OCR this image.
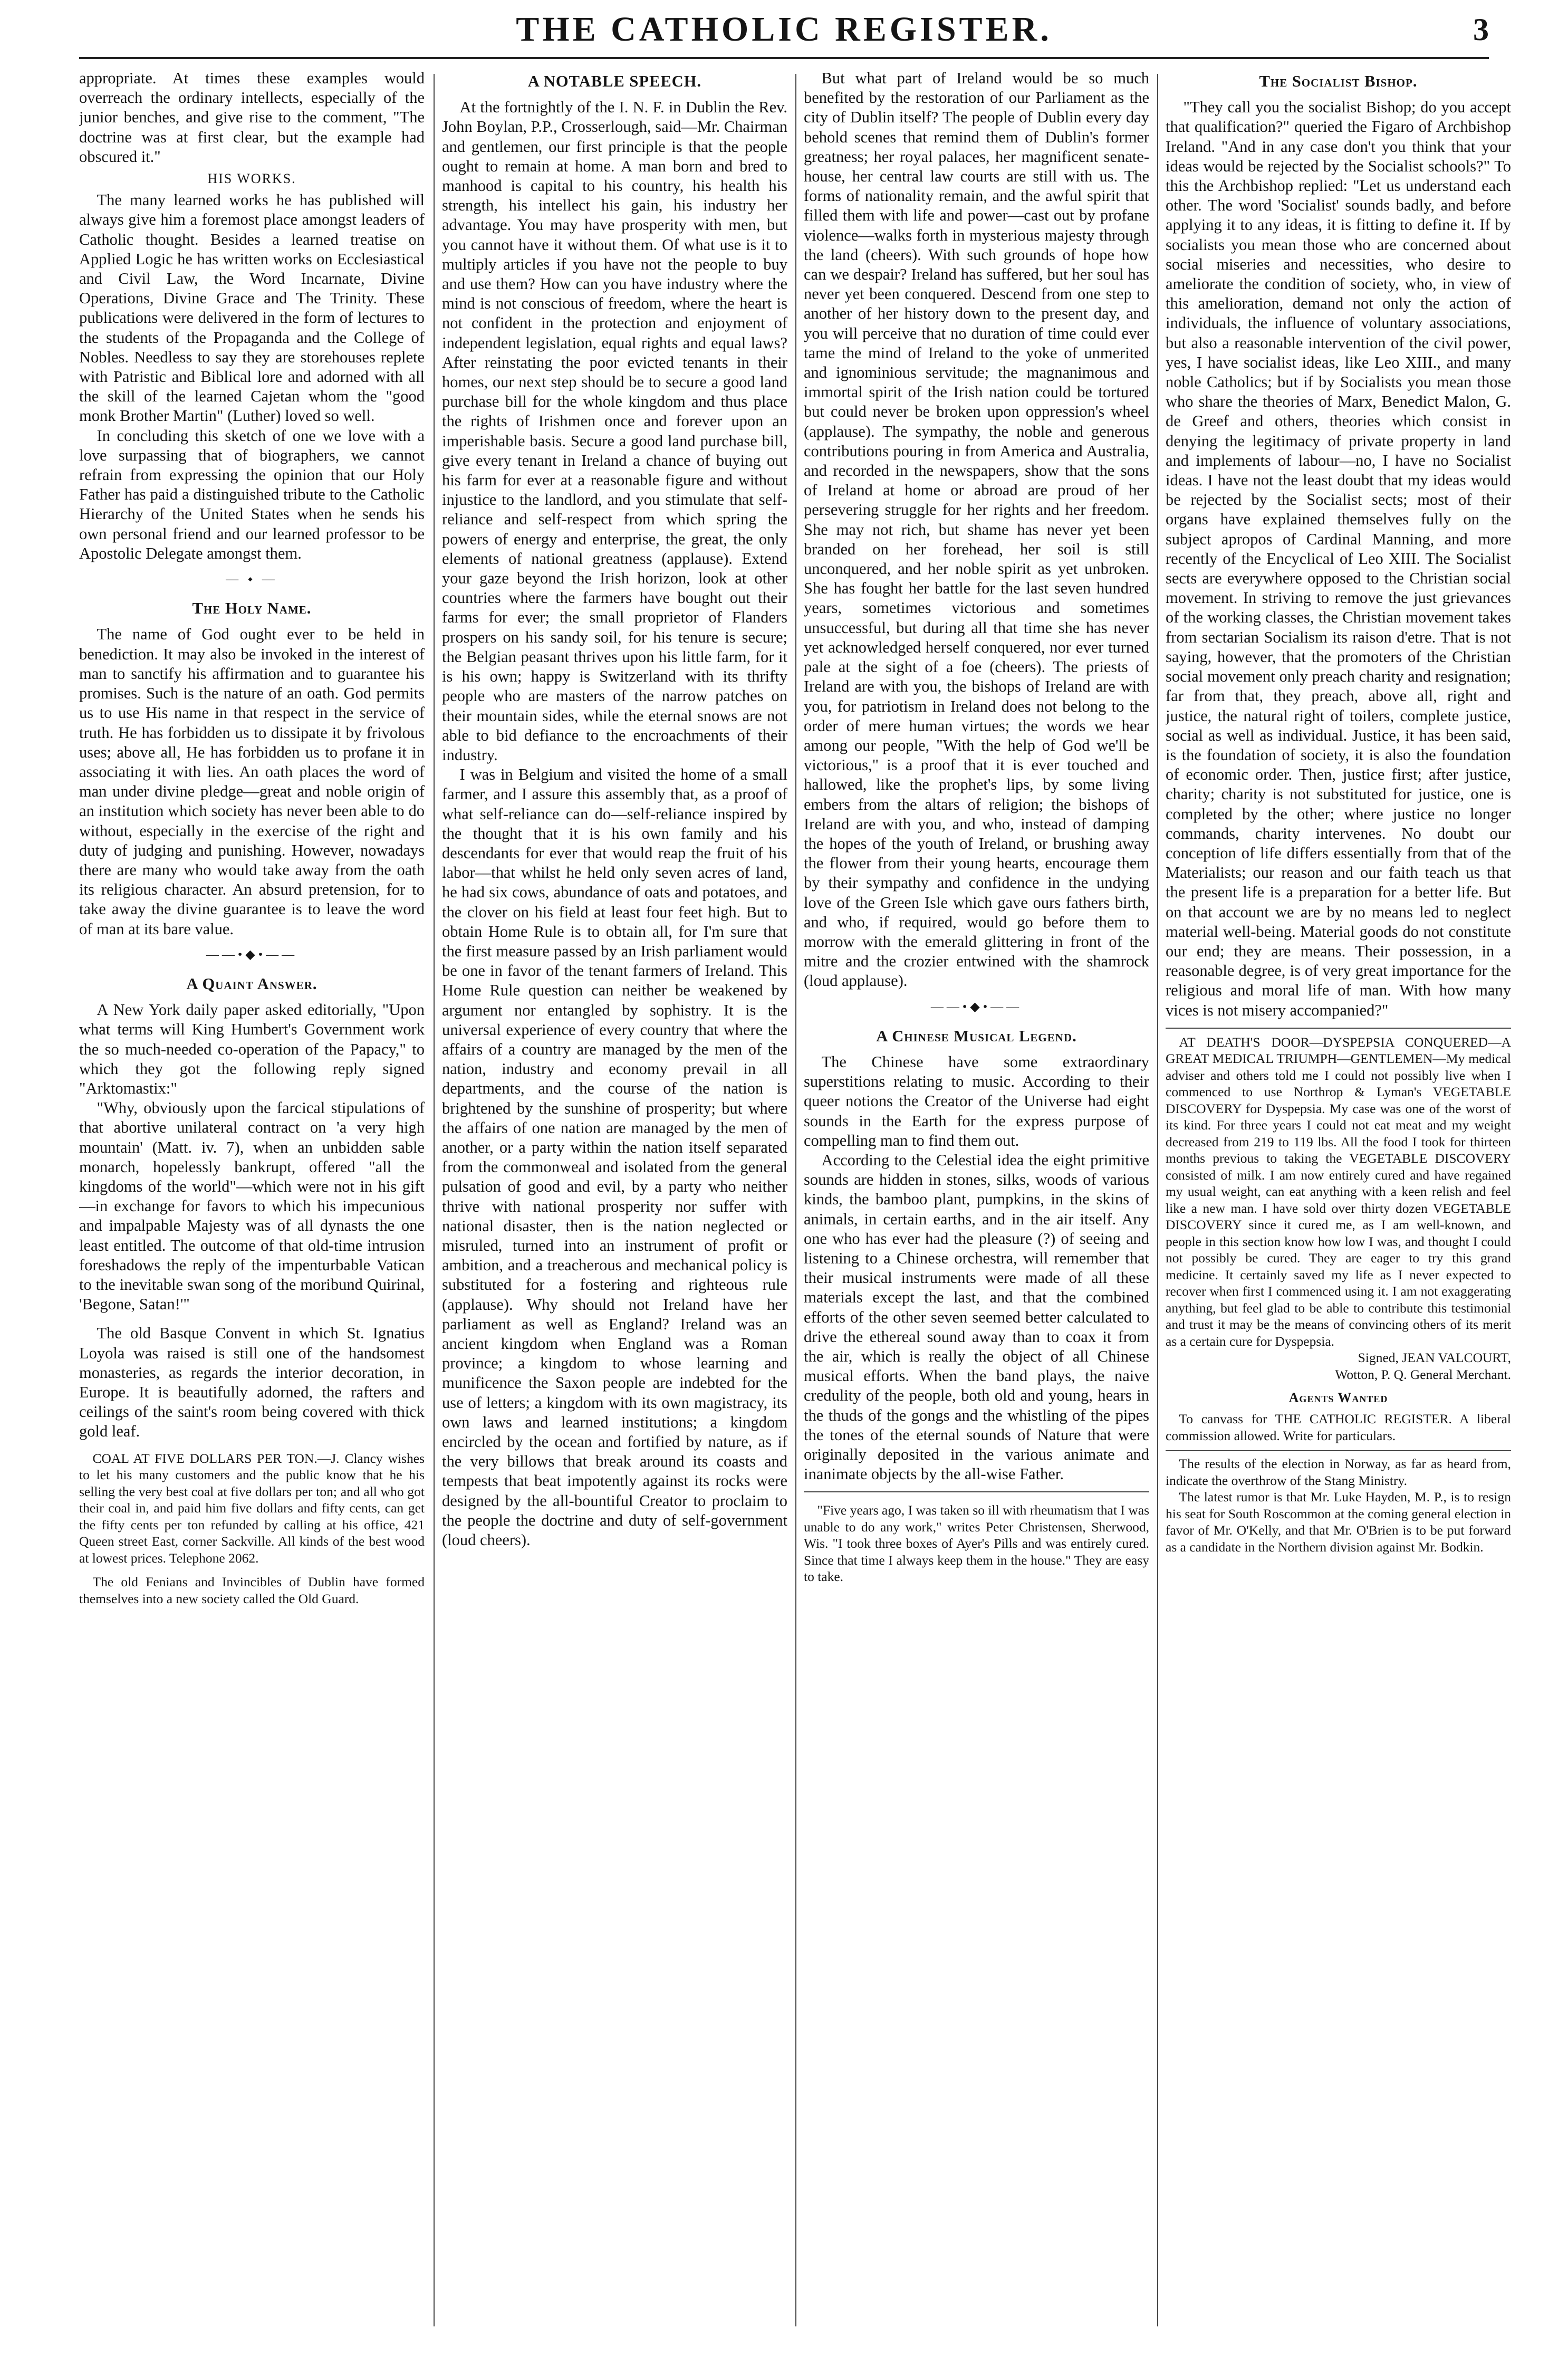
THE CATHOLIC REGISTER.	3

appropriate. At times these examples would overreach the ordinary intellects, especially of the junior benches, and give rise to the comment, "The doctrine was at first clear, but the example had obscured it."

HIS WORKS.

The many learned works he has published will always give him a foremost place amongst leaders of Catholic thought. Besides a learned treatise on Applied Logic he has written works on Ecclesiastical and Civil Law, the Word Incarnate, Divine Operations, Divine Grace and The Trinity. These publications were delivered in the form of lectures to the students of the Propaganda and the College of Nobles. Needless to say they are storehouses replete with Patristic and Biblical lore and adorned with all the skill of the learned Cajetan whom the "good monk Brother Martin" (Luther) loved so well.

In concluding this sketch of one we love with a love surpassing that of biographers, we cannot refrain from expressing the opinion that our Holy Father has paid a distinguished tribute to the Catholic Hierarchy of the United States when he sends his own personal friend and our learned professor to be Apostolic Delegate amongst them.

— ⬩ —
The Holy Name.

The name of God ought ever to be held in benediction. It may also be invoked in the interest of man to sanctify his affirmation and to guarantee his promises. Such is the nature of an oath. God permits us to use His name in that respect in the service of truth. He has forbidden us to dissipate it by frivolous uses; above all, He has forbidden us to profane it in associating it with lies. An oath places the word of man under divine pledge—great and noble origin of an institution which society has never been able to do without, especially in the exercise of the right and duty of judging and punishing. However, nowadays there are many who would take away from the oath its religious character. An absurd pretension, for to take away the divine guarantee is to leave the word of man at its bare value.

——•◆•——
A Quaint Answer.

A New York daily paper asked editorially, "Upon what terms will King Humbert's Government work the so much-needed co-operation of the Papacy," to which they got the following reply signed "Arktomastix:"

"Why, obviously upon the farcical stipulations of that abortive unilateral contract on 'a very high mountain' (Matt. iv. 7), when an unbidden sable monarch, hopelessly bankrupt, offered "all the kingdoms of the world"—which were not in his gift—in exchange for favors to which his impecunious and impalpable Majesty was of all dynasts the one least entitled. The outcome of that old-time intrusion foreshadows the reply of the impenturbable Vatican to the inevitable swan song of the moribund Quirinal, 'Begone, Satan!'"

The old Basque Convent in which St. Ignatius Loyola was raised is still one of the handsomest monasteries, as regards the interior decoration, in Europe. It is beautifully adorned, the rafters and ceilings of the saint's room being covered with thick gold leaf.

COAL AT FIVE DOLLARS PER TON.—J. Clancy wishes to let his many customers and the public know that he his selling the very best coal at five dollars per ton; and all who got their coal in, and paid him five dollars and fifty cents, can get the fifty cents per ton refunded by calling at his office, 421 Queen street East, corner Sackville. All kinds of the best wood at lowest prices. Telephone 2062.

The old Fenians and Invincibles of Dublin have formed themselves into a new society called the Old Guard.

A NOTABLE SPEECH.

At the fortnightly of the I. N. F. in Dublin the Rev. John Boylan, P.P., Crosserlough, said—Mr. Chairman and gentlemen, our first principle is that the people ought to remain at home. A man born and bred to manhood is capital to his country, his health his strength, his intellect his gain, his industry her advantage. You may have prosperity with men, but you cannot have it without them. Of what use is it to multiply articles if you have not the people to buy and use them? How can you have industry where the mind is not conscious of freedom, where the heart is not confident in the protection and enjoyment of independent legislation, equal rights and equal laws? After reinstating the poor evicted tenants in their homes, our next step should be to secure a good land purchase bill for the whole kingdom and thus place the rights of Irishmen once and forever upon an imperishable basis. Secure a good land purchase bill, give every tenant in Ireland a chance of buying out his farm for ever at a reasonable figure and without injustice to the landlord, and you stimulate that self-reliance and self-respect from which spring the powers of energy and enterprise, the great, the only elements of national greatness (applause). Extend your gaze beyond the Irish horizon, look at other countries where the farmers have bought out their farms for ever; the small proprietor of Flanders prospers on his sandy soil, for his tenure is secure; the Belgian peasant thrives upon his little farm, for it is his own; happy is Switzerland with its thrifty people who are masters of the narrow patches on their mountain sides, while the eternal snows are not able to bid defiance to the encroachments of their industry.

I was in Belgium and visited the home of a small farmer, and I assure this assembly that, as a proof of what self-reliance can do—self-reliance inspired by the thought that it is his own family and his descendants for ever that would reap the fruit of his labor—that whilst he held only seven acres of land, he had six cows, abundance of oats and potatoes, and the clover on his field at least four feet high. But to obtain Home Rule is to obtain all, for I'm sure that the first measure passed by an Irish parliament would be one in favor of the tenant farmers of Ireland. This Home Rule question can neither be weakened by argument nor entangled by sophistry. It is the universal experience of every country that where the affairs of a country are managed by the men of the nation, industry and economy prevail in all departments, and the course of the nation is brightened by the sunshine of prosperity; but where the affairs of one nation are managed by the men of another, or a party within the nation itself separated from the commonweal and isolated from the general pulsation of good and evil, by a party who neither thrive with national prosperity nor suffer with national disaster, then is the nation neglected or misruled, turned into an instrument of profit or ambition, and a treacherous and mechanical policy is substituted for a fostering and righteous rule (applause). Why should not Ireland have her parliament as well as England? Ireland was an ancient kingdom when England was a Roman province; a kingdom to whose learning and munificence the Saxon people are indebted for the use of letters; a kingdom with its own magistracy, its own laws and learned institutions; a kingdom encircled by the ocean and fortified by nature, as if the very billows that break around its coasts and tempests that beat impotently against its rocks were designed by the all-bountiful Creator to proclaim to the people the doctrine and duty of self-government (loud cheers).

But what part of Ireland would be so much benefited by the restoration of our Parliament as the city of Dublin itself? The people of Dublin every day behold scenes that remind them of Dublin's former greatness; her royal palaces, her magnificent senate-house, her central law courts are still with us. The forms of nationality remain, and the awful spirit that filled them with life and power—cast out by profane violence—walks forth in mysterious majesty through the land (cheers). With such grounds of hope how can we despair? Ireland has suffered, but her soul has never yet been conquered. Descend from one step to another of her history down to the present day, and you will perceive that no duration of time could ever tame the mind of Ireland to the yoke of unmerited and ignominious servitude; the magnanimous and immortal spirit of the Irish nation could be tortured but could never be broken upon oppression's wheel (applause). The sympathy, the noble and generous contributions pouring in from America and Australia, and recorded in the newspapers, show that the sons of Ireland at home or abroad are proud of her persevering struggle for her rights and her freedom. She may not rich, but shame has never yet been branded on her forehead, her soil is still unconquered, and her noble spirit as yet unbroken. She has fought her battle for the last seven hundred years, sometimes victorious and sometimes unsuccessful, but during all that time she has never yet acknowledged herself conquered, nor ever turned pale at the sight of a foe (cheers). The priests of Ireland are with you, the bishops of Ireland are with you, for patriotism in Ireland does not belong to the order of mere human virtues; the words we hear among our people, "With the help of God we'll be victorious," is a proof that it is ever touched and hallowed, like the prophet's lips, by some living embers from the altars of religion; the bishops of Ireland are with you, and who, instead of damping the hopes of the youth of Ireland, or brushing away the flower from their young hearts, encourage them by their sympathy and confidence in the undying love of the Green Isle which gave ours fathers birth, and who, if required, would go before them to morrow with the emerald glittering in front of the mitre and the crozier entwined with the shamrock (loud applause).

——•◆•——
A Chinese Musical Legend.

The Chinese have some extraordinary superstitions relating to music. According to their queer notions the Creator of the Universe had eight sounds in the Earth for the express purpose of compelling man to find them out.

According to the Celestial idea the eight primitive sounds are hidden in stones, silks, woods of various kinds, the bamboo plant, pumpkins, in the skins of animals, in certain earths, and in the air itself. Any one who has ever had the pleasure (?) of seeing and listening to a Chinese orchestra, will remember that their musical instruments were made of all these materials except the last, and that the combined efforts of the other seven seemed better calculated to drive the ethereal sound away than to coax it from the air, which is really the object of all Chinese musical efforts. When the band plays, the naive credulity of the people, both old and young, hears in the thuds of the gongs and the whistling of the pipes the tones of the eternal sounds of Nature that were originally deposited in the various animate and inanimate objects by the all-wise Father.

"Five years ago, I was taken so ill with rheumatism that I was unable to do any work," writes Peter Christensen, Sherwood, Wis. "I took three boxes of Ayer's Pills and was entirely cured. Since that time I always keep them in the house." They are easy to take.

The Socialist Bishop.

"They call you the socialist Bishop; do you accept that qualification?" queried the Figaro of Archbishop Ireland. "And in any case don't you think that your ideas would be rejected by the Socialist schools?" To this the Archbishop replied: "Let us understand each other. The word 'Socialist' sounds badly, and before applying it to any ideas, it is fitting to define it. If by socialists you mean those who are concerned about social miseries and necessities, who desire to ameliorate the condition of society, who, in view of this amelioration, demand not only the action of individuals, the influence of voluntary associations, but also a reasonable intervention of the civil power, yes, I have socialist ideas, like Leo XIII., and many noble Catholics; but if by Socialists you mean those who share the theories of Marx, Benedict Malon, G. de Greef and others, theories which consist in denying the legitimacy of private property in land and implements of labour—no, I have no Socialist ideas. I have not the least doubt that my ideas would be rejected by the Socialist sects; most of their organs have explained themselves fully on the subject apropos of Cardinal Manning, and more recently of the Encyclical of Leo XIII. The Socialist sects are everywhere opposed to the Christian social movement. In striving to remove the just grievances of the working classes, the Christian movement takes from sectarian Socialism its raison d'etre. That is not saying, however, that the promoters of the Christian social movement only preach charity and resignation; far from that, they preach, above all, right and justice, the natural right of toilers, complete justice, social as well as individual. Justice, it has been said, is the foundation of society, it is also the foundation of economic order. Then, justice first; after justice, charity; charity is not substituted for justice, one is completed by the other; where justice no longer commands, charity intervenes. No doubt our conception of life differs essentially from that of the Materialists; our reason and our faith teach us that the present life is a preparation for a better life. But on that account we are by no means led to neglect material well-being. Material goods do not constitute our end; they are means. Their possession, in a reasonable degree, is of very great importance for the religious and moral life of man. With how many vices is not misery accompanied?"

AT DEATH'S DOOR—DYSPEPSIA CONQUERED—A GREAT MEDICAL TRIUMPH—GENTLEMEN—My medical adviser and others told me I could not possibly live when I commenced to use Northrop & Lyman's VEGETABLE DISCOVERY for Dyspepsia. My case was one of the worst of its kind. For three years I could not eat meat and my weight decreased from 219 to 119 lbs. All the food I took for thirteen months previous to taking the VEGETABLE DISCOVERY consisted of milk. I am now entirely cured and have regained my usual weight, can eat anything with a keen relish and feel like a new man. I have sold over thirty dozen VEGETABLE DISCOVERY since it cured me, as I am well-known, and people in this section know how low I was, and thought I could not possibly be cured. They are eager to try this grand medicine. It certainly saved my life as I never expected to recover when first I commenced using it. I am not exaggerating anything, but feel glad to be able to contribute this testimonial and trust it may be the means of convincing others of its merit as a certain cure for Dyspepsia.

Signed, JEAN VALCOURT,
Wotton, P. Q. General Merchant.
Agents Wanted

To canvass for THE CATHOLIC REGISTER. A liberal commission allowed. Write for particulars.

The results of the election in Norway, as far as heard from, indicate the overthrow of the Stang Ministry.

The latest rumor is that Mr. Luke Hayden, M. P., is to resign his seat for South Roscommon at the coming general election in favor of Mr. O'Kelly, and that Mr. O'Brien is to be put forward as a candidate in the Northern division against Mr. Bodkin.
